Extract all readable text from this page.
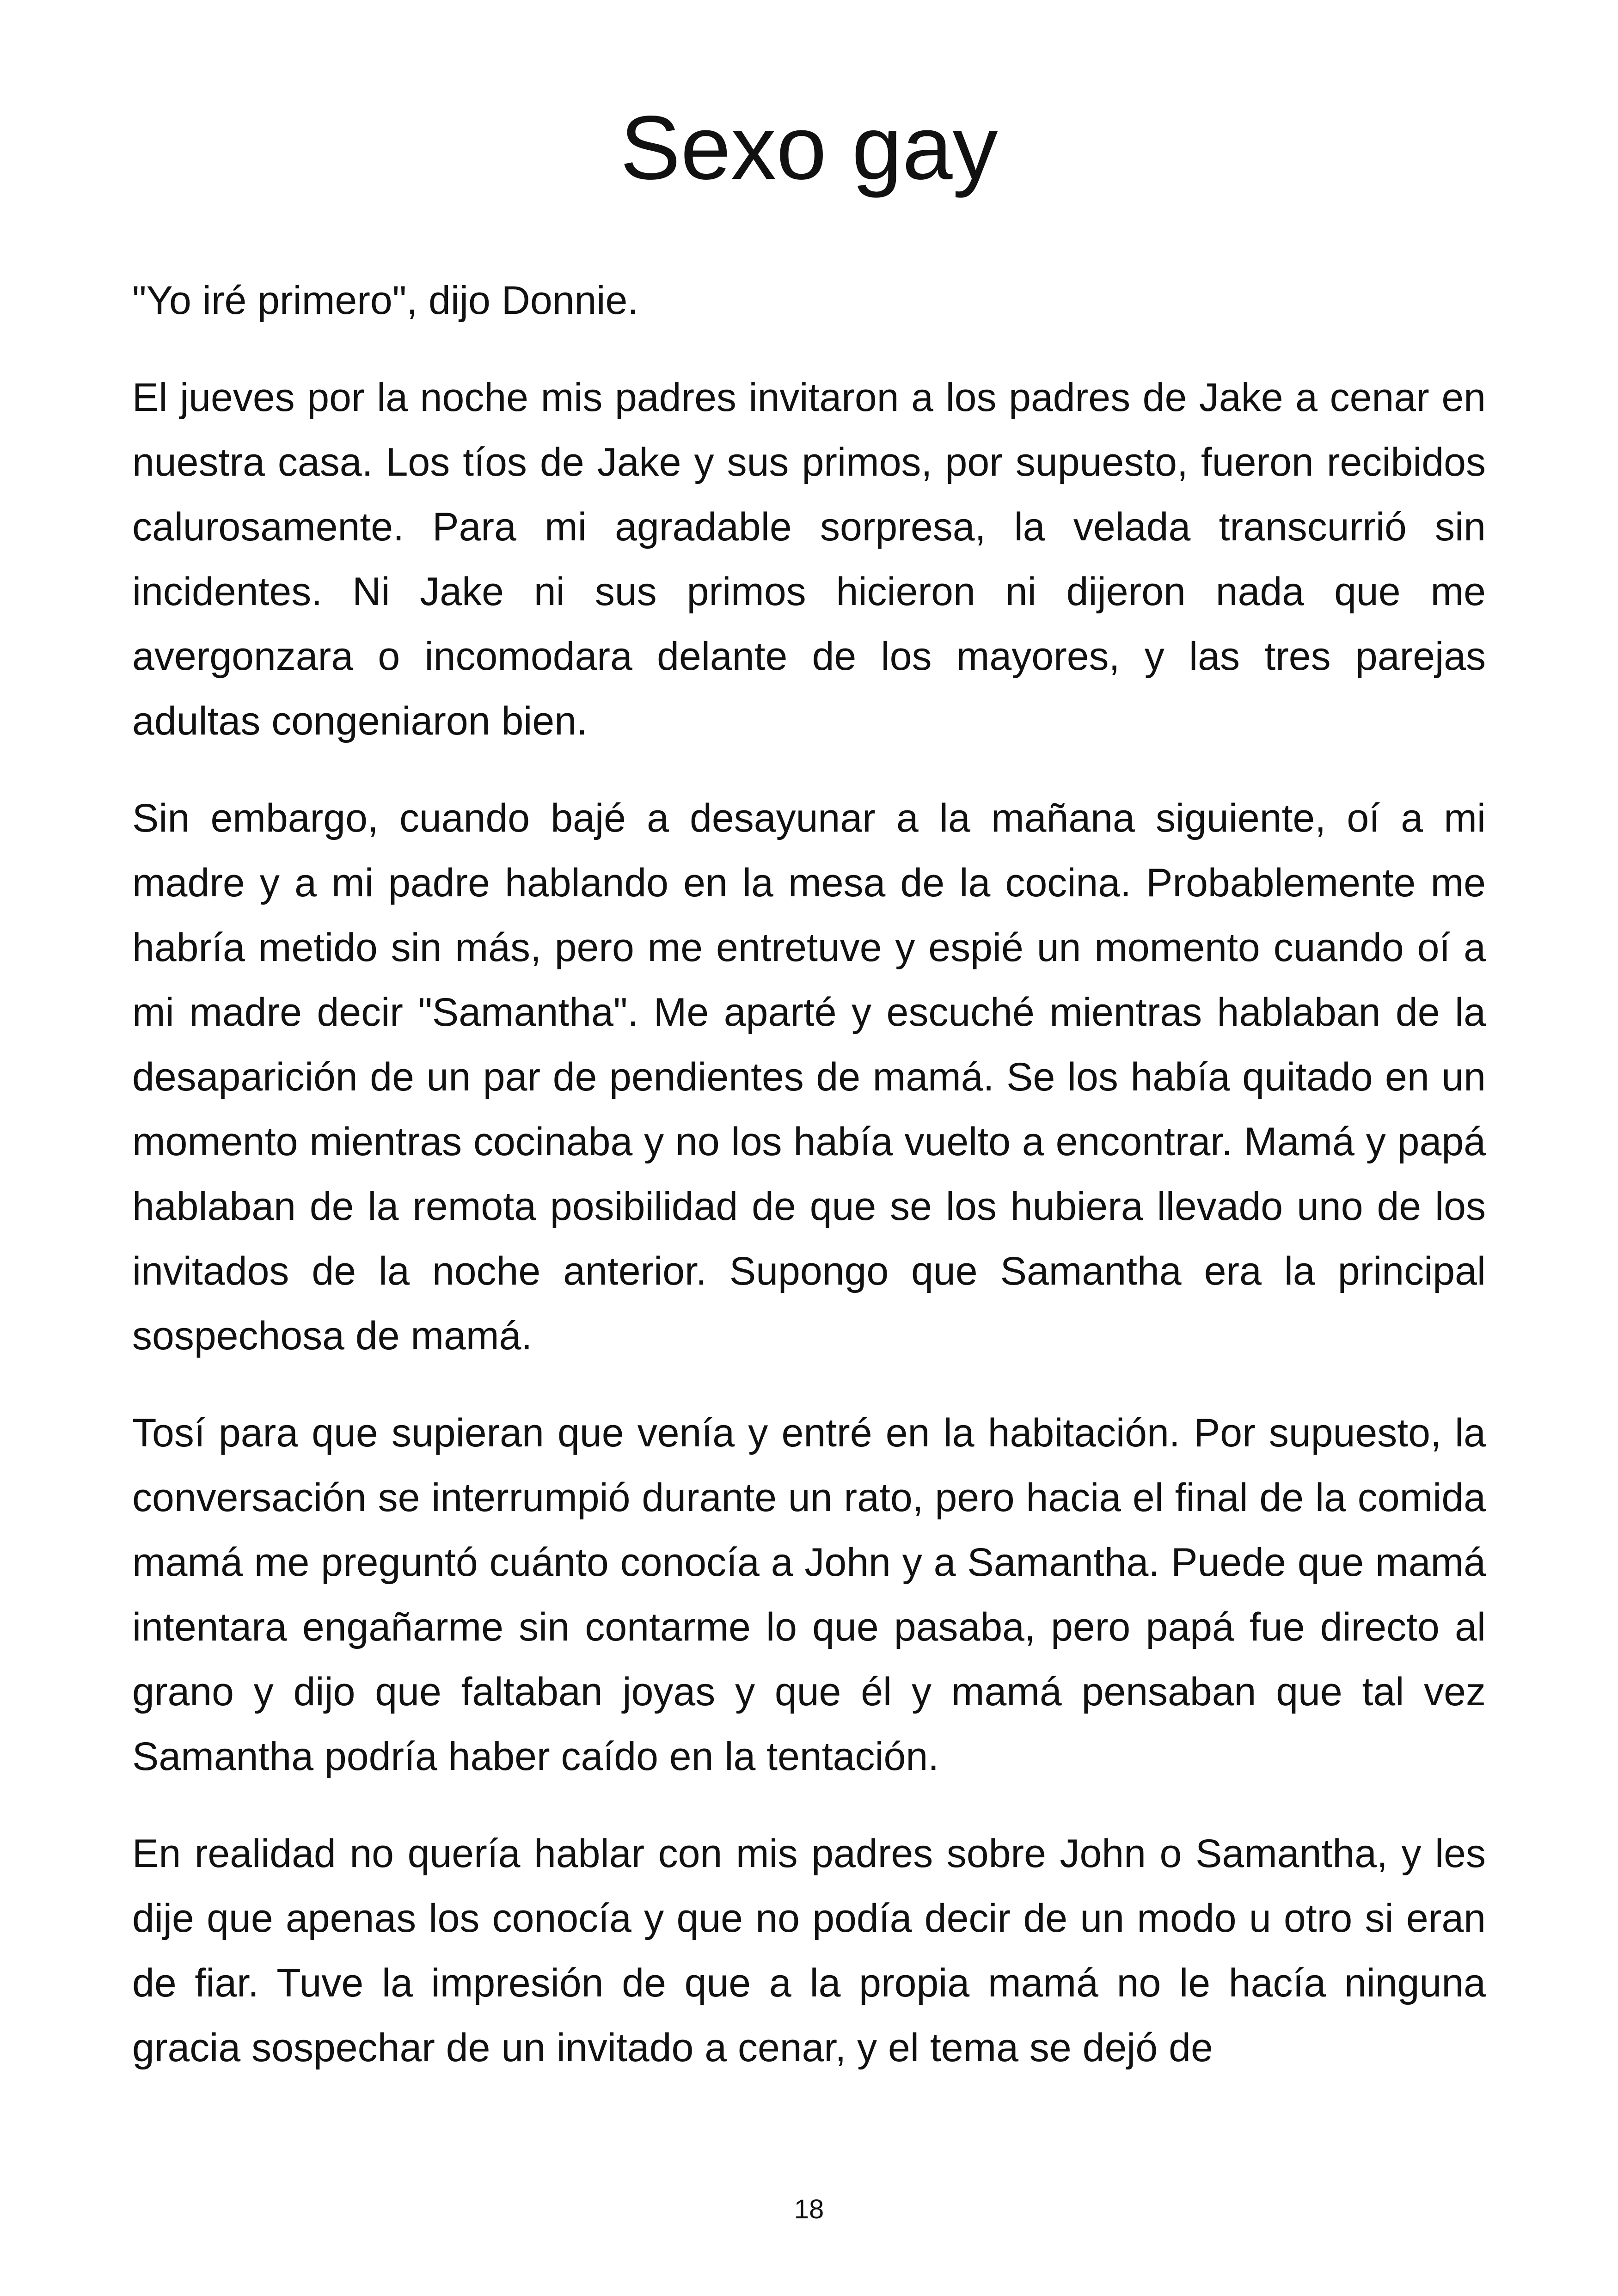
Sexo gay

"Yo iré primero", dijo Donnie.

El jueves por la noche mis padres invitaron a los padres de Jake a cenar en nuestra casa. Los tíos de Jake y sus primos, por supuesto, fueron recibidos calurosamente. Para mi agradable sorpresa, la velada transcurrió sin incidentes. Ni Jake ni sus primos hicieron ni dijeron nada que me avergonzara o incomodara delante de los mayores, y las tres parejas adultas congeniaron bien.

Sin embargo, cuando bajé a desayunar a la mañana siguiente, oí a mi madre y a mi padre hablando en la mesa de la cocina. Probablemente me habría metido sin más, pero me entretuve y espié un momento cuando oí a mi madre decir "Samantha". Me aparté y escuché mientras hablaban de la desaparición de un par de pendientes de mamá. Se los había quitado en un momento mientras cocinaba y no los había vuelto a encontrar. Mamá y papá hablaban de la remota posibilidad de que se los hubiera llevado uno de los invitados de la noche anterior. Supongo que Samantha era la principal sospechosa de mamá.

Tosí para que supieran que venía y entré en la habitación. Por supuesto, la conversación se interrumpió durante un rato, pero hacia el final de la comida mamá me preguntó cuánto conocía a John y a Samantha. Puede que mamá intentara engañarme sin contarme lo que pasaba, pero papá fue directo al grano y dijo que faltaban joyas y que él y mamá pensaban que tal vez Samantha podría haber caído en la tentación.

En realidad no quería hablar con mis padres sobre John o Samantha, y les dije que apenas los conocía y que no podía decir de un modo u otro si eran de fiar. Tuve la impresión de que a la propia mamá no le hacía ninguna gracia sospechar de un invitado a cenar, y el tema se dejó de

18
